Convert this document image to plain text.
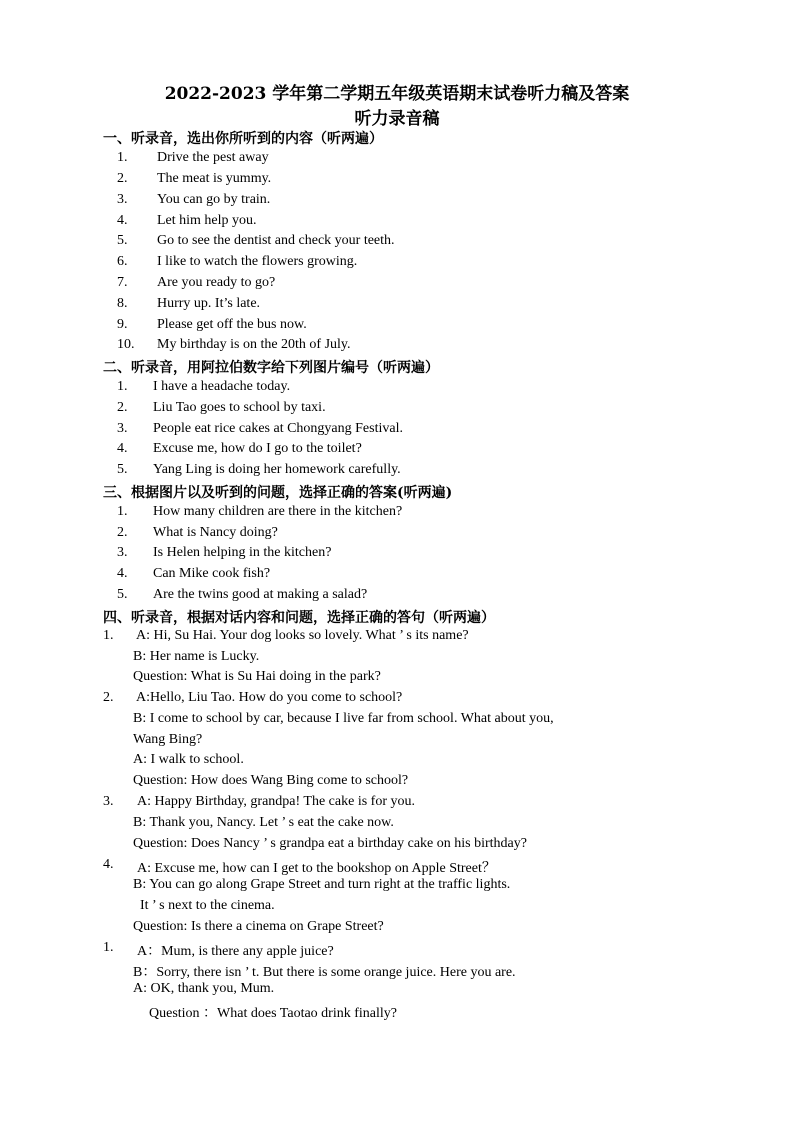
2022-2023 学年第二学期五年级英语期末试卷听力稿及答案
听力录音稿
一、听录音，选出你所听到的内容（听两遍）
1. Drive the pest away
2. The meat is yummy.
3. You can go by train.
4. Let him help you.
5. Go to see the dentist and check your teeth.
6. I like to watch the flowers growing.
7. Are you ready to go?
8. Hurry up. It’s late.
9. Please get off the bus now.
10. My birthday is on the 20th of July.
二、听录音，用阿拉伯数字给下列图片编号（听两遍）
1. I have a headache today.
2. Liu Tao goes to school by taxi.
3. People eat rice cakes at Chongyang Festival.
4. Excuse me, how do I go to the toilet?
5. Yang Ling is doing her homework carefully.
三、根据图片以及听到的问题，选择正确的答案(听两遍)
1. How many children are there in the kitchen?
2. What is Nancy doing?
3. Is Helen helping in the kitchen?
4. Can Mike cook fish?
5. Are the twins good at making a salad?
四、听录音，根据对话内容和问题，选择正确的答句（听两遍）
1. A: Hi, Su Hai. Your dog looks so lovely. What ’ s its name?
B: Her name is Lucky.
Question: What is Su Hai doing in the park?
2. A:Hello, Liu Tao. How do you come to school?
B: I come to school by car, because I live far from school. What about you,
Wang Bing?
A: I walk to school.
Question: How does Wang Bing come to school?
3. A: Happy Birthday, grandpa! The cake is for you.
B: Thank you, Nancy. Let ’ s eat the cake now.
Question: Does Nancy ’ s grandpa eat a birthday cake on his birthday?
4. A: Excuse me, how can I get to the bookshop on Apple Street？
B: You can go along Grape Street and turn right at the traffic lights.
It ’ s next to the cinema.
Question: Is there a cinema on Grape Street?
1. A：Mum, is there any apple juice?
B：Sorry, there isn ’ t. But there is some orange juice. Here you are.
A: OK, thank you, Mum.
Question ：What does Taotao drink finally?
